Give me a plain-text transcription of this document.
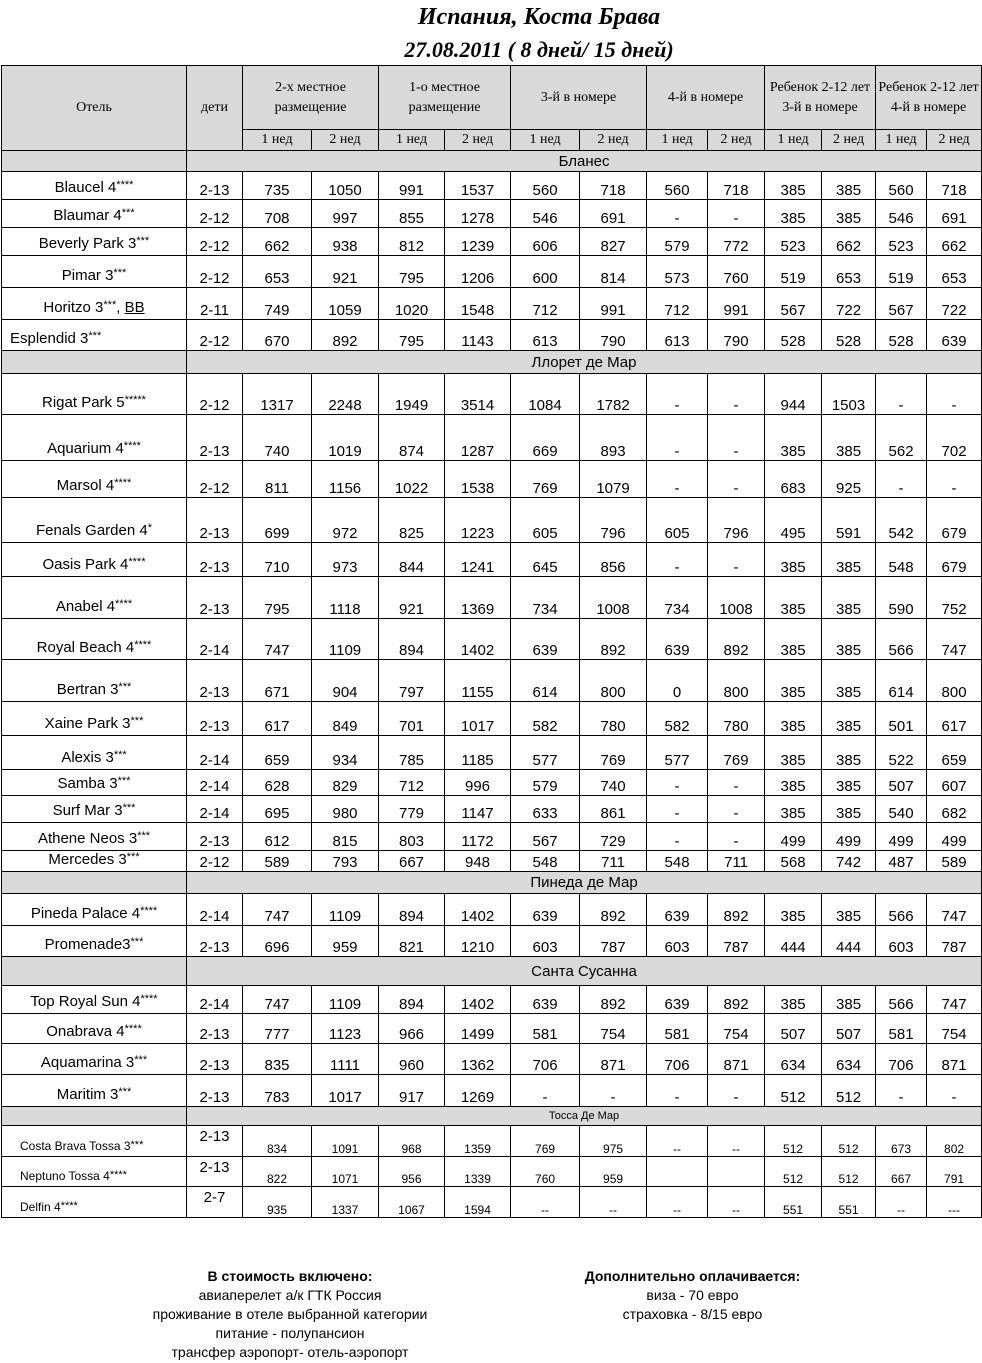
Испания, Коста Брава
27.08.2011 ( 8 дней/ 15 дней)
Отель	дети	2-х местное размещение		1-о местное размещение		3-й в номере		4-й в номере		Ребенок 2-12 лет 3-й в номере		Ребенок 2-12 лет 4-й в номере	
		1 нед	2 нед	1 нед	2 нед	1 нед	2 нед	1 нед	2 нед	1 нед	2 нед	1 нед	2 нед
	Бланес												
Blaucel 4****	2-13	735	1050	991	1537	560	718	560	718	385	385	560	718
Blaumar 4***	2-12	708	997	855	1278	546	691	-	-	385	385	546	691
Beverly Park 3***	2-12	662	938	812	1239	606	827	579	772	523	662	523	662
Pimar 3***	2-12	653	921	795	1206	600	814	573	760	519	653	519	653
Horitzo 3***, BB	2-11	749	1059	1020	1548	712	991	712	991	567	722	567	722
Esplendid 3***	2-12	670	892	795	1143	613	790	613	790	528	528	528	639
	Ллорет де Мар												
Rigat Park 5*****	2-12	1317	2248	1949	3514	1084	1782	-	-	944	1503	-	-
Aquarium 4****	2-13	740	1019	874	1287	669	893	-	-	385	385	562	702
Marsol 4****	2-12	811	1156	1022	1538	769	1079	-	-	683	925	-	-
Fenals Garden 4*	2-13	699	972	825	1223	605	796	605	796	495	591	542	679
Oasis Park 4****	2-13	710	973	844	1241	645	856	-	-	385	385	548	679
Anabel 4****	2-13	795	1118	921	1369	734	1008	734	1008	385	385	590	752
Royal Beach 4****	2-14	747	1109	894	1402	639	892	639	892	385	385	566	747
Bertran 3***	2-13	671	904	797	1155	614	800	0	800	385	385	614	800
Xaine Park 3***	2-13	617	849	701	1017	582	780	582	780	385	385	501	617
Alexis 3***	2-14	659	934	785	1185	577	769	577	769	385	385	522	659
Samba 3***	2-14	628	829	712	996	579	740	-	-	385	385	507	607
Surf Mar 3***	2-14	695	980	779	1147	633	861	-	-	385	385	540	682
Athene Neos 3***	2-13	612	815	803	1172	567	729	-	-	499	499	499	499
Mercedes 3***	2-12	589	793	667	948	548	711	548	711	568	742	487	589
	Пинеда де Мар												
Pineda Palace 4****	2-14	747	1109	894	1402	639	892	639	892	385	385	566	747
Promenade3***	2-13	696	959	821	1210	603	787	603	787	444	444	603	787
	Санта Сусанна												
Top Royal Sun 4****	2-14	747	1109	894	1402	639	892	639	892	385	385	566	747
Onabrava 4****	2-13	777	1123	966	1499	581	754	581	754	507	507	581	754
Aquamarina 3***	2-13	835	1111	960	1362	706	871	706	871	634	634	706	871
Maritim 3***	2-13	783	1017	917	1269	-	-	-	-	512	512	-	-
	Тосса Де Мар												
Costa Brava Tossa 3***	2-13	834	1091	968	1359	769	975	--	--	512	512	673	802
Neptuno Tossa 4****	2-13	822	1071	956	1339	760	959			512	512	667	791
Delfin 4****	2-7	935	1337	1067	1594	--	--	--	--	551	551	--	---
В стоимость включено:
авиаперелет а/к ГТК Россия
проживание в отеле выбранной категории
питание - полупансион
трансфер аэропорт- отель-аэропорт
Дополнительно оплачивается:
виза - 70 евро
страховка - 8/15 евро
